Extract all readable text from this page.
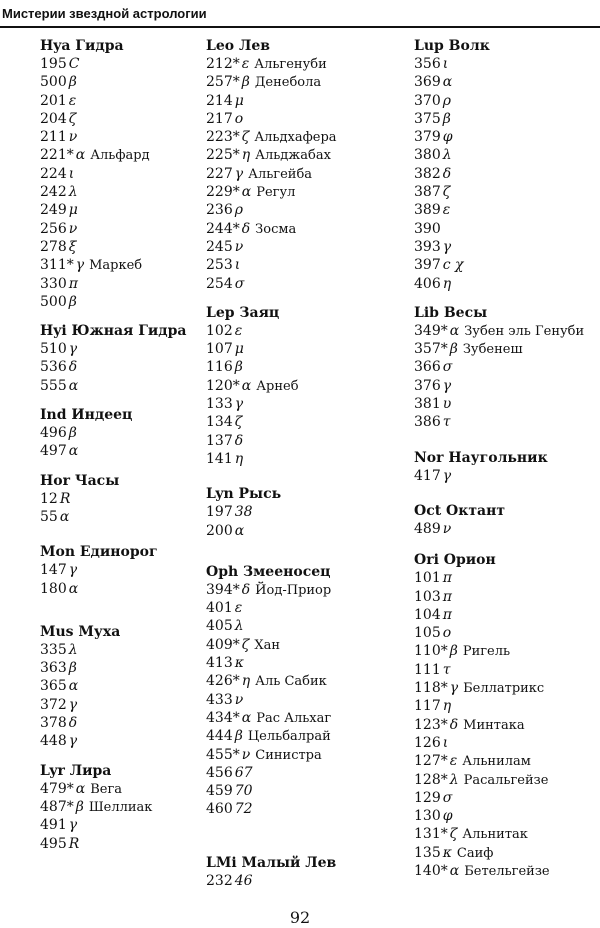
Мистерии звездной астрологии
Hya Гидра
195 C
500 β
201 ε
204 ζ
211 ν
221* α Альфард
224 ι
242 λ
249 μ
256 ν
278 ξ
311* γ Маркеб
330 π
500 β
Hyi Южная Гидра
510 γ
536 δ
555 α
Ind Индеец
496 β
497 α
Hor Часы
12 R
55 α
Mon Единорог
147 γ
180 α
Mus Муха
335 λ
363 β
365 α
372 γ
378 δ
448 γ
Lyr Лира
479* α Вега
487* β Шеллиак
491 γ
495 R
Leo Лев
212* ε Альгенуби
257* β Денебола
214 μ
217 ο
223* ζ Альдхафера
225* η Альджабах
227 γ Альгейба
229* α Регул
236 ρ
244* δ Зосма
245 ν
253 ι
254 σ
Lep Заяц
102 ε
107 μ
116 β
120* α Арнеб
133 γ
134 ζ
137 δ
141 η
Lyn Рысь
197 38
200 α
Oph Змееносец
394* δ Йод-Приор
401 ε
405 λ
409* ζ Хан
413 κ
426* η Аль Сабик
433 ν
434* α Рас Альхаг
444 β Цельбалрай
455* ν Синистра
456 67
459 70
460 72
LMi Малый Лев
232 46
Lup Волк
356 ι
369 α
370 ρ
375 β
379 φ
380 λ
382 δ
387 ζ
389 ε
390
393 γ
397 c χ
406 η
Lib Весы
349* α Зубен эль Генуби
357* β Зубенеш
366 σ
376 γ
381 υ
386 τ
Nor Наугольник
417 γ
Oct Октант
489 ν
Ori Орион
101 π
103 π
104 π
105 ο
110* β Ригель
111 τ
118* γ Беллатрикс
117 η
123* δ Минтака
126 ι
127* ε Альнилам
128* λ Расальгейзе
129 σ
130 φ
131* ζ Альнитак
135 κ Саиф
140* α Бетельгейзе
92
